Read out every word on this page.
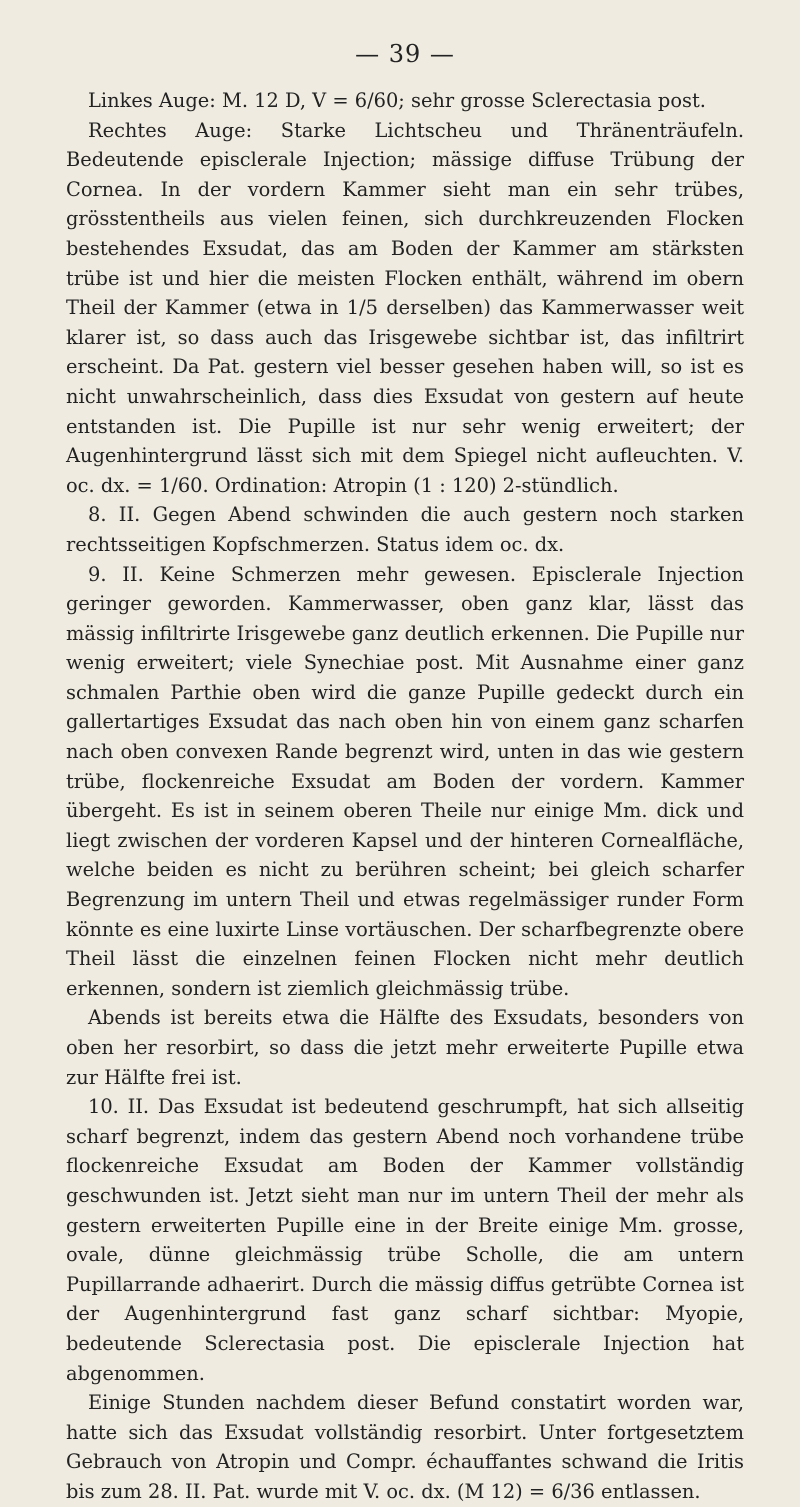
— 39 —

Linkes Auge: M. 12 D, V = 6/60; sehr grosse Sclerectasia post.

Rechtes Auge: Starke Lichtscheu und Thränenträufeln. Bedeutende episclerale Injection; mässige diffuse Trübung der Cornea. In der vordern Kammer sieht man ein sehr trübes, grösstentheils aus vielen feinen, sich durchkreuzenden Flocken bestehendes Exsudat, das am Boden der Kammer am stärksten trübe ist und hier die meisten Flocken enthält, während im obern Theil der Kammer (etwa in 1/5 derselben) das Kammerwasser weit klarer ist, so dass auch das Irisgewebe sichtbar ist, das infiltrirt erscheint. Da Pat. gestern viel besser gesehen haben will, so ist es nicht unwahrscheinlich, dass dies Exsudat von gestern auf heute entstanden ist. Die Pupille ist nur sehr wenig erweitert; der Augenhintergrund lässt sich mit dem Spiegel nicht aufleuchten. V. oc. dx. = 1/60. Ordination: Atropin (1 : 120) 2-stündlich.

8. II. Gegen Abend schwinden die auch gestern noch starken rechtsseitigen Kopfschmerzen. Status idem oc. dx.

9. II. Keine Schmerzen mehr gewesen. Episclerale Injection geringer geworden. Kammerwasser, oben ganz klar, lässt das mässig infiltrirte Irisgewebe ganz deutlich erkennen. Die Pupille nur wenig erweitert; viele Synechiae post. Mit Ausnahme einer ganz schmalen Parthie oben wird die ganze Pupille gedeckt durch ein gallertartiges Exsudat das nach oben hin von einem ganz scharfen nach oben convexen Rande begrenzt wird, unten in das wie gestern trübe, flockenreiche Exsudat am Boden der vordern. Kammer übergeht. Es ist in seinem oberen Theile nur einige Mm. dick und liegt zwischen der vorderen Kapsel und der hinteren Cornealfläche, welche beiden es nicht zu berühren scheint; bei gleich scharfer Begrenzung im untern Theil und etwas regelmässiger runder Form könnte es eine luxirte Linse vortäuschen. Der scharfbegrenzte obere Theil lässt die einzelnen feinen Flocken nicht mehr deutlich erkennen, sondern ist ziemlich gleichmässig trübe.

Abends ist bereits etwa die Hälfte des Exsudats, besonders von oben her resorbirt, so dass die jetzt mehr erweiterte Pupille etwa zur Hälfte frei ist.

10. II. Das Exsudat ist bedeutend geschrumpft, hat sich allseitig scharf begrenzt, indem das gestern Abend noch vorhandene trübe flockenreiche Exsudat am Boden der Kammer vollständig geschwunden ist. Jetzt sieht man nur im untern Theil der mehr als gestern erweiterten Pupille eine in der Breite einige Mm. grosse, ovale, dünne gleichmässig trübe Scholle, die am untern Pupillarrande adhaerirt. Durch die mässig diffus getrübte Cornea ist der Augenhintergrund fast ganz scharf sichtbar: Myopie, bedeutende Sclerectasia post. Die episclerale Injection hat abgenommen.

Einige Stunden nachdem dieser Befund constatirt worden war, hatte sich das Exsudat vollständig resorbirt. Unter fortgesetztem Gebrauch von Atropin und Compr. échauffantes schwand die Iritis bis zum 28. II. Pat. wurde mit V. oc. dx. (M 12) = 6/36 entlassen.
